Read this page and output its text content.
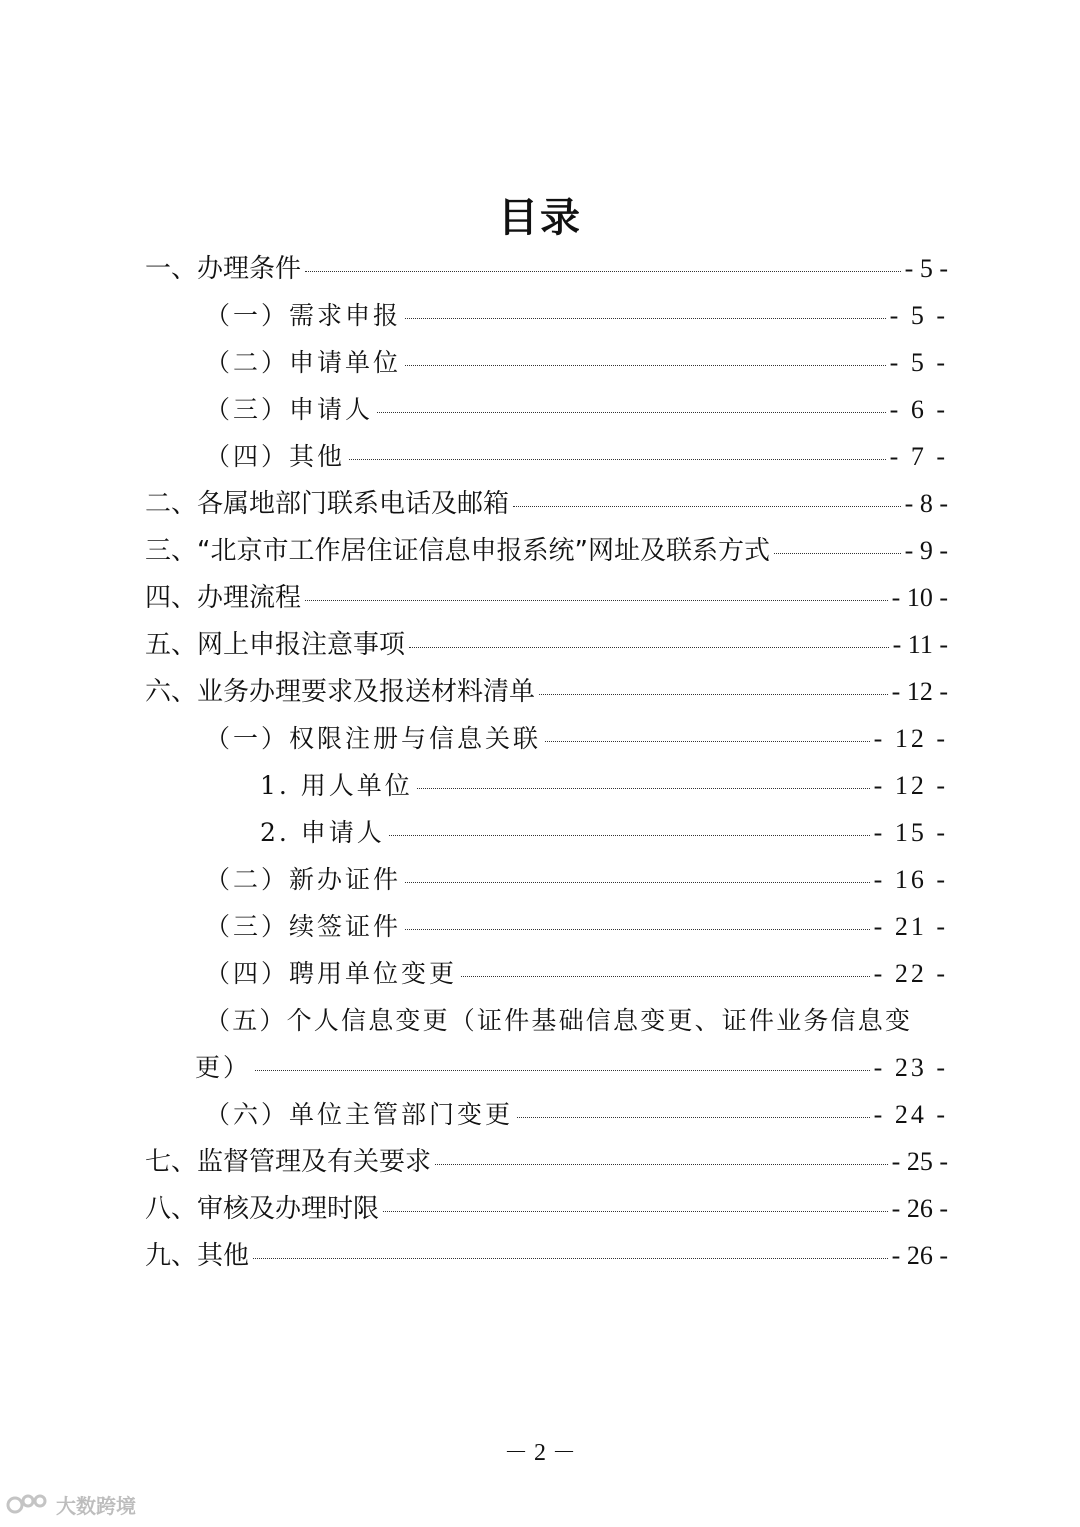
目录
一、办理条件	- 5 -
（一）需求申报	- 5 -
（二）申请单位	- 5 -
（三）申请人	- 6 -
（四）其他	- 7 -
二、各属地部门联系电话及邮箱	- 8 -
三、“北京市工作居住证信息申报系统”网址及联系方式	- 9 -
四、办理流程	- 10 -
五、网上申报注意事项	- 11 -
六、业务办理要求及报送材料清单	- 12 -
（一）权限注册与信息关联	- 12 -
1. 用人单位	- 12 -
2. 申请人	- 15 -
（二）新办证件	- 16 -
（三）续签证件	- 21 -
（四）聘用单位变更	- 22 -
（五）个人信息变更（证件基础信息变更、证件业务信息变
更）	- 23 -
（六）单位主管部门变更	- 24 -
七、监督管理及有关要求	- 25 -
八、审核及办理时限	- 26 -
九、其他	- 26 -
－ 2 －
大数跨境
